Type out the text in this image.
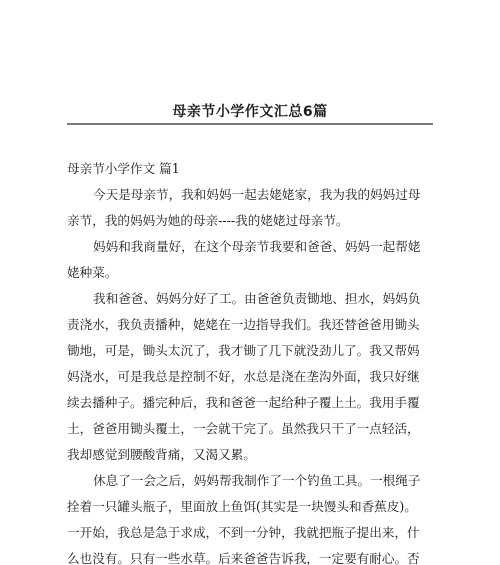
母亲节小学作文汇总6篇
母亲节小学作文 篇1
今天是母亲节，我和妈妈一起去姥姥家，我为我的妈妈过母
亲节，我的妈妈为她的母亲----我的姥姥过母亲节。
妈妈和我商量好，在这个母亲节我要和爸爸、妈妈一起帮姥
姥种菜。
我和爸爸、妈妈分好了工。由爸爸负责锄地、担水，妈妈负
责浇水，我负责播种，姥姥在一边指导我们。我还替爸爸用锄头
锄地，可是，锄头太沉了，我才锄了几下就没劲儿了。我又帮妈
妈浇水，可是我总是控制不好，水总是浇在垄沟外面，我只好继
续去播种子。播完种后，我和爸爸一起给种子覆上土。我用手覆
土，爸爸用锄头覆土，一会就干完了。虽然我只干了一点轻活，
我却感觉到腰酸背痛，又渴又累。
休息了一会之后，妈妈帮我制作了一个钓鱼工具。一根绳子
拴着一只罐头瓶子，里面放上鱼饵(其实是一块馒头和香蕉皮)。
一开始，我总是急于求成，不到一分钟，我就把瓶子提出来，什
么也没有。只有一些水草。后来爸爸告诉我，一定要有耐心。否
